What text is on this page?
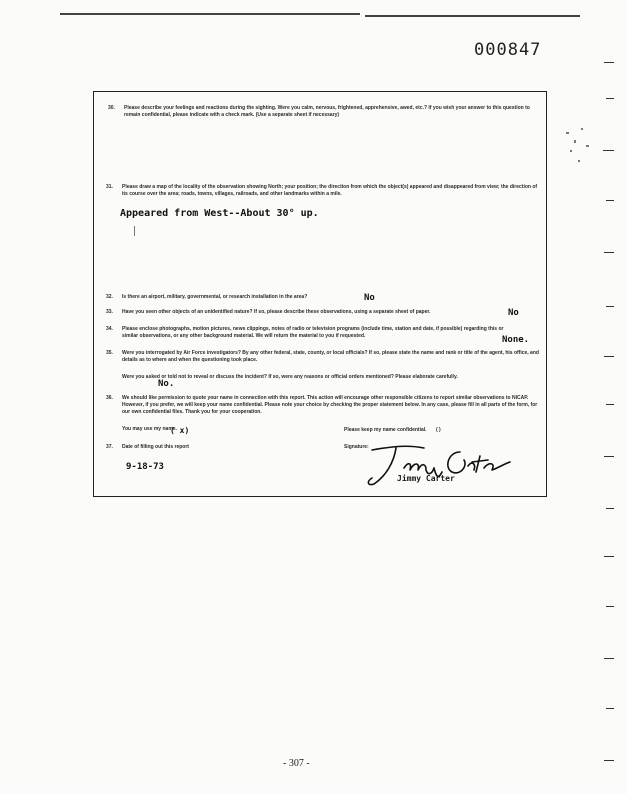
000847
30. Please describe your feelings and reactions during the sighting. Were you calm, nervous, frightened, apprehensive, awed, etc.? If you wish your answer to this question to remain confidential, please indicate with a check mark. (Use a separate sheet if necessary)
31. Please draw a map of the locality of the observation showing North; your position; the direction from which the object(s) appeared and disappeared from view; the direction of its course over the area; roads, towns, villages, railroads, and other landmarks within a mile.
Appeared from West--About 30° up.
32. Is there an airport, military, governmental, or research installation in the area?	No
33. Have you seen other objects of an unidentified nature? If so, please describe these observations, using a separate sheet of paper.	No
34. Please enclose photographs, motion pictures, news clippings, notes of radio or television programs (include time, station and date, if possible) regarding this or similar observations, or any other background material. We will return the material to you if requested.	None.
35. Were you interrogated by Air Force investigators? By any other federal, state, county, or local officials? If so, please state the name and rank or title of the agent, his office, and details as to where and when the questioning took place.
Were you asked or told not to reveal or discuss the incident? If so, were any reasons or official orders mentioned? Please elaborate carefully.
No.
36. We should like permission to quote your name in connection with this report. This action will encourage other responsible citizens to report similar observations to NICAP. However, if you prefer, we will keep your name confidential. Please note your choice by checking the proper statement below. In any case, please fill in all parts of the form, for our own confidential files. Thank you for your cooperation.
You may use my name.
( x)	Please keep my name confidential. ( )
37. Date of filling out this report
9-18-73
Signature:
Jimmy Carter
- 307 -
